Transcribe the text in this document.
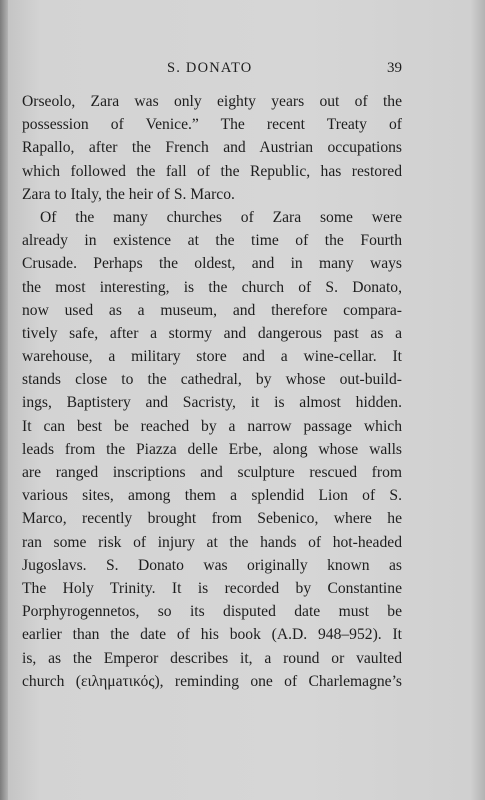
S. DONATO	39
Orseolo, Zara was only eighty years out of the
possession of Venice.” The recent Treaty of
Rapallo, after the French and Austrian occupations
which followed the fall of the Republic, has restored
Zara to Italy, the heir of S. Marco.
Of the many churches of Zara some were
already in existence at the time of the Fourth
Crusade. Perhaps the oldest, and in many ways
the most interesting, is the church of S. Donato,
now used as a museum, and therefore compara-
tively safe, after a stormy and dangerous past as a
warehouse, a military store and a wine-cellar. It
stands close to the cathedral, by whose out-build-
ings, Baptistery and Sacristy, it is almost hidden.
It can best be reached by a narrow passage which
leads from the Piazza delle Erbe, along whose walls
are ranged inscriptions and sculpture rescued from
various sites, among them a splendid Lion of S.
Marco, recently brought from Sebenico, where he
ran some risk of injury at the hands of hot-headed
Jugoslavs. S. Donato was originally known as
The Holy Trinity. It is recorded by Constantine
Porphyrogennetos, so its disputed date must be
earlier than the date of his book (A.D. 948–952). It
is, as the Emperor describes it, a round or vaulted
church (ειλημaτικός), reminding one of Charlemagne’s
